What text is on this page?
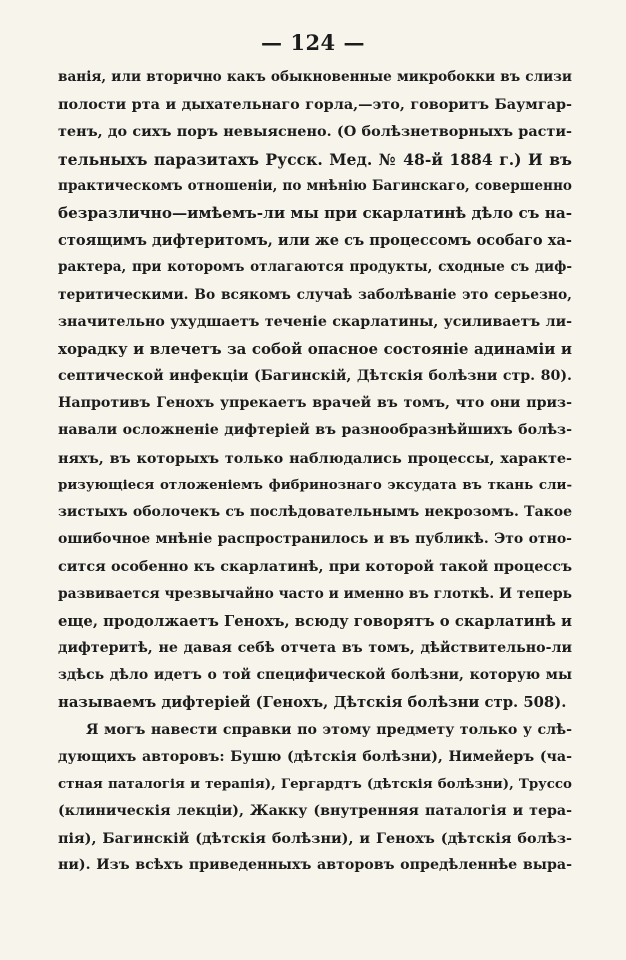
— 124 —
ванія, или вторично какъ обыкновенные микробокки въ слизи
полости рта и дыхательнаго горла,—это, говоритъ Баумгар-
тенъ, до сихъ поръ невыяснено. (О болѣзнетворныхъ расти-
тельныхъ паразитахъ Русск. Мед. № 48-й 1884 г.) И въ
практическомъ отношеніи, по мнѣнію Багинскаго, совершенно
безразлично—имѣемъ-ли мы при скарлатинѣ дѣло съ на-
стоящимъ дифтеритомъ, или же съ процессомъ особаго ха-
рактера, при которомъ отлагаются продукты, сходные съ диф-
теритическими. Во всякомъ случаѣ заболѣваніе это серьезно,
значительно ухудшаетъ теченіе скарлатины, усиливаетъ ли-
хорадку и влечетъ за собой опасное состояніе адинаміи и
септической инфекціи (Багинскій, Дѣтскія болѣзни стр. 80).
Напротивъ Генохъ упрекаетъ врачей въ томъ, что они приз-
навали осложненіе дифтеріей въ разнообразнѣйшихъ болѣз-
няхъ, въ которыхъ только наблюдались процессы, характе-
ризующіеся отложеніемъ фибринознаго эксудата въ ткань сли-
зистыхъ оболочекъ съ послѣдовательнымъ некрозомъ. Такое
ошибочное мнѣніе распространилось и въ публикѣ. Это отно-
сится особенно къ скарлатинѣ, при которой такой процессъ
развивается чрезвычайно часто и именно въ глоткѣ. И теперь
еще, продолжаетъ Генохъ, всюду говорятъ о скарлатинѣ и
дифтеритѣ, не давая себѣ отчета въ томъ, дѣйствительно-ли
здѣсь дѣло идетъ о той специфической болѣзни, которую мы
называемъ дифтеріей (Генохъ, Дѣтскія болѣзни стр. 508).
Я могъ навести справки по этому предмету только у слѣ-
дующихъ авторовъ: Бушю (дѣтскія болѣзни), Нимейеръ (ча-
стная паталогія и терапія), Гергардтъ (дѣтскія болѣзни), Труссо
(клиническія лекціи), Жакку (внутренняя паталогія и тера-
пія), Багинскій (дѣтскія болѣзни), и Генохъ (дѣтскія болѣз-
ни). Изъ всѣхъ приведенныхъ авторовъ опредѣленнѣе выра-
